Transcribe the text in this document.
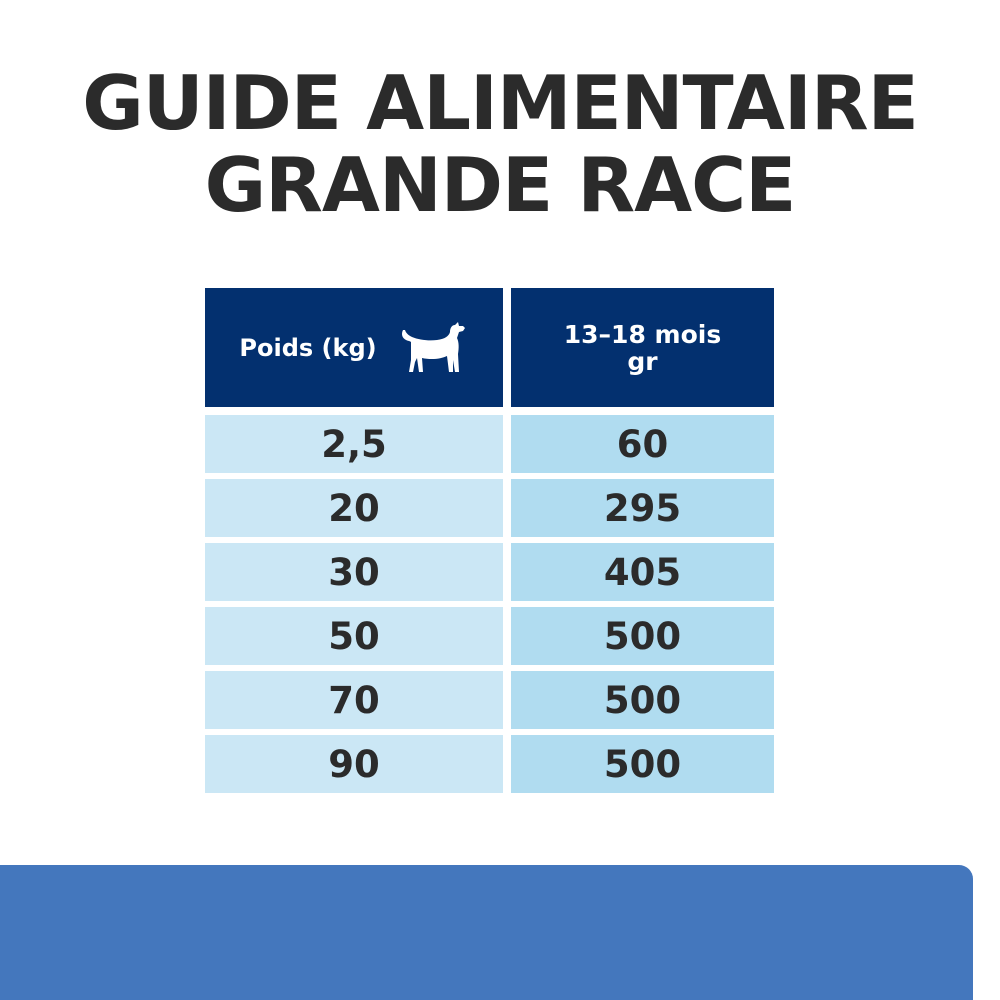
GUIDE ALIMENTAIRE
GRANDE RACE
Poids (kg)	13–18 mois
gr
2,5	60
20	295
30	405
50	500
70	500
90	500
